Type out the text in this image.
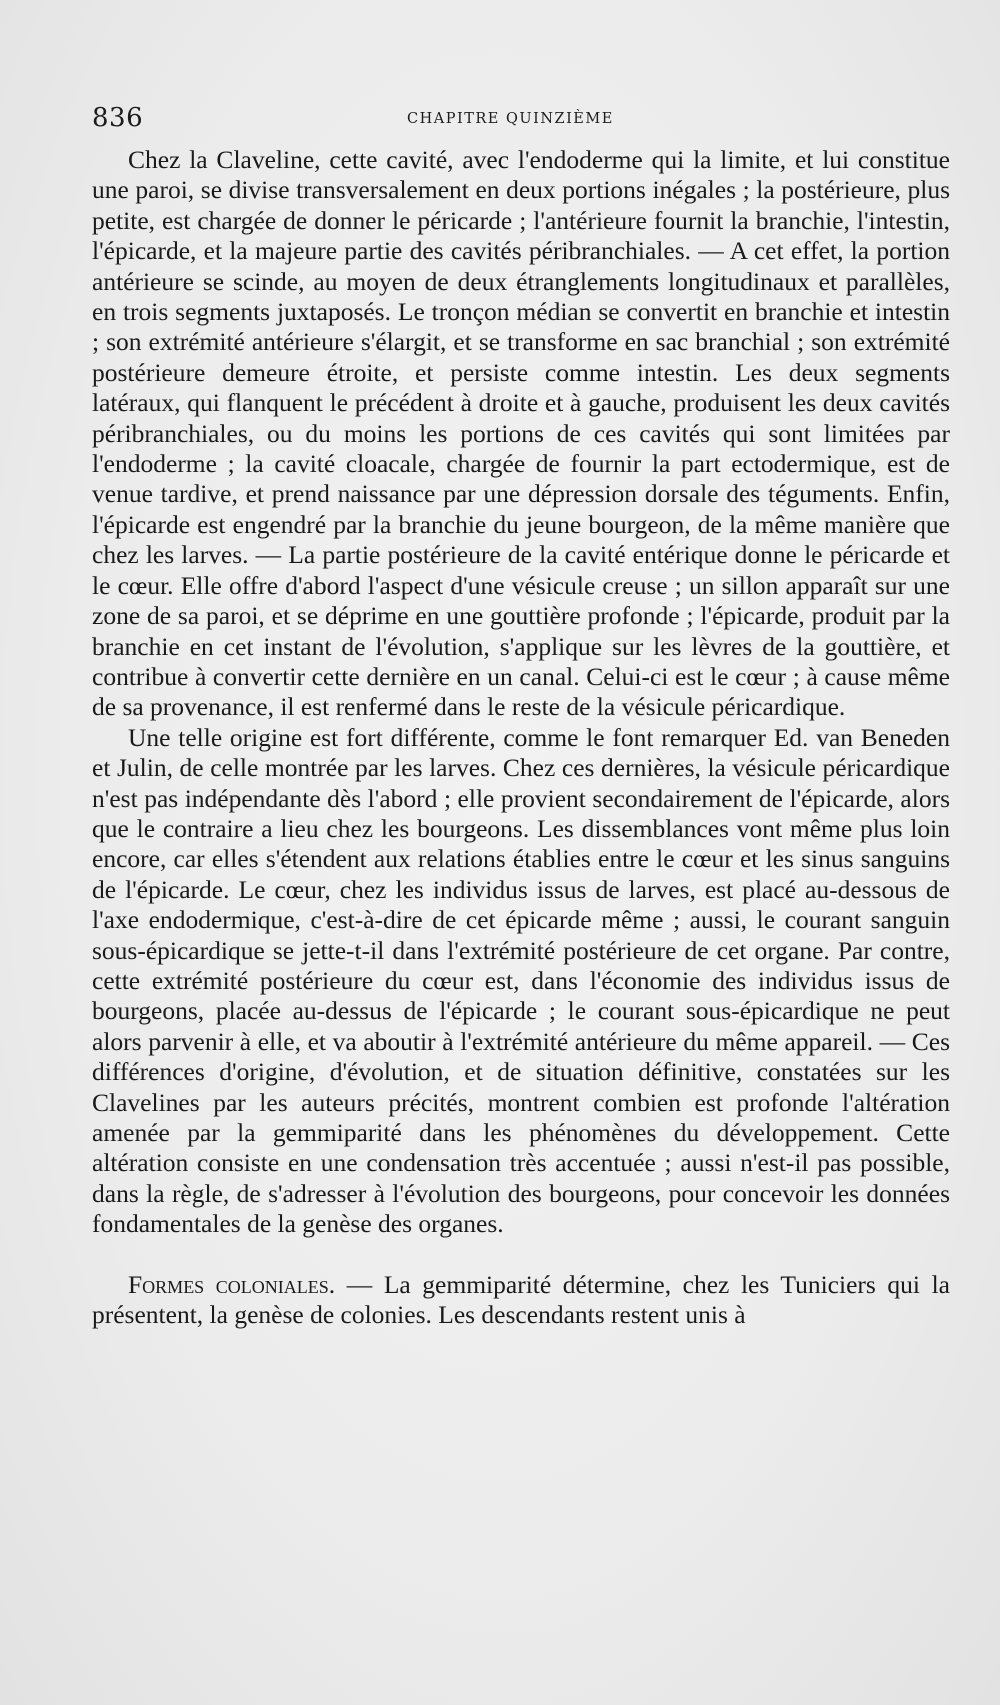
836	CHAPITRE QUINZIÈME

Chez la Claveline, cette cavité, avec l'endoderme qui la limite, et lui constitue une paroi, se divise transversalement en deux portions inégales ; la postérieure, plus petite, est chargée de donner le péricarde ; l'antérieure fournit la branchie, l'intestin, l'épicarde, et la majeure partie des cavités péribranchiales. — A cet effet, la portion antérieure se scinde, au moyen de deux étranglements longitudinaux et parallèles, en trois segments juxtaposés. Le tronçon médian se convertit en branchie et intestin ; son extrémité antérieure s'élargit, et se transforme en sac branchial ; son extrémité postérieure demeure étroite, et persiste comme intestin. Les deux segments latéraux, qui flanquent le précédent à droite et à gauche, produisent les deux cavités péribranchiales, ou du moins les portions de ces cavités qui sont limitées par l'endoderme ; la cavité cloacale, chargée de fournir la part ectodermique, est de venue tardive, et prend naissance par une dépression dorsale des téguments. Enfin, l'épicarde est engendré par la branchie du jeune bourgeon, de la même manière que chez les larves. — La partie postérieure de la cavité entérique donne le péricarde et le cœur. Elle offre d'abord l'aspect d'une vésicule creuse ; un sillon apparaît sur une zone de sa paroi, et se déprime en une gouttière profonde ; l'épicarde, produit par la branchie en cet instant de l'évolution, s'applique sur les lèvres de la gouttière, et contribue à convertir cette dernière en un canal. Celui-ci est le cœur ; à cause même de sa provenance, il est renfermé dans le reste de la vésicule péricardique.

Une telle origine est fort différente, comme le font remarquer Ed. van Beneden et Julin, de celle montrée par les larves. Chez ces dernières, la vésicule péricardique n'est pas indépendante dès l'abord ; elle provient secondairement de l'épicarde, alors que le contraire a lieu chez les bourgeons. Les dissemblances vont même plus loin encore, car elles s'étendent aux relations établies entre le cœur et les sinus sanguins de l'épicarde. Le cœur, chez les individus issus de larves, est placé au-dessous de l'axe endodermique, c'est-à-dire de cet épicarde même ; aussi, le courant sanguin sous-épicardique se jette-t-il dans l'extrémité postérieure de cet organe. Par contre, cette extrémité postérieure du cœur est, dans l'économie des individus issus de bourgeons, placée au-dessus de l'épicarde ; le courant sous-épicardique ne peut alors parvenir à elle, et va aboutir à l'extrémité antérieure du même appareil. — Ces différences d'origine, d'évolution, et de situation définitive, constatées sur les Clavelines par les auteurs précités, montrent combien est profonde l'altération amenée par la gemmiparité dans les phénomènes du développement. Cette altération consiste en une condensation très accentuée ; aussi n'est-il pas possible, dans la règle, de s'adresser à l'évolution des bourgeons, pour concevoir les données fondamentales de la genèse des organes.

Formes coloniales. — La gemmiparité détermine, chez les Tuniciers qui la présentent, la genèse de colonies. Les descendants restent unis à
